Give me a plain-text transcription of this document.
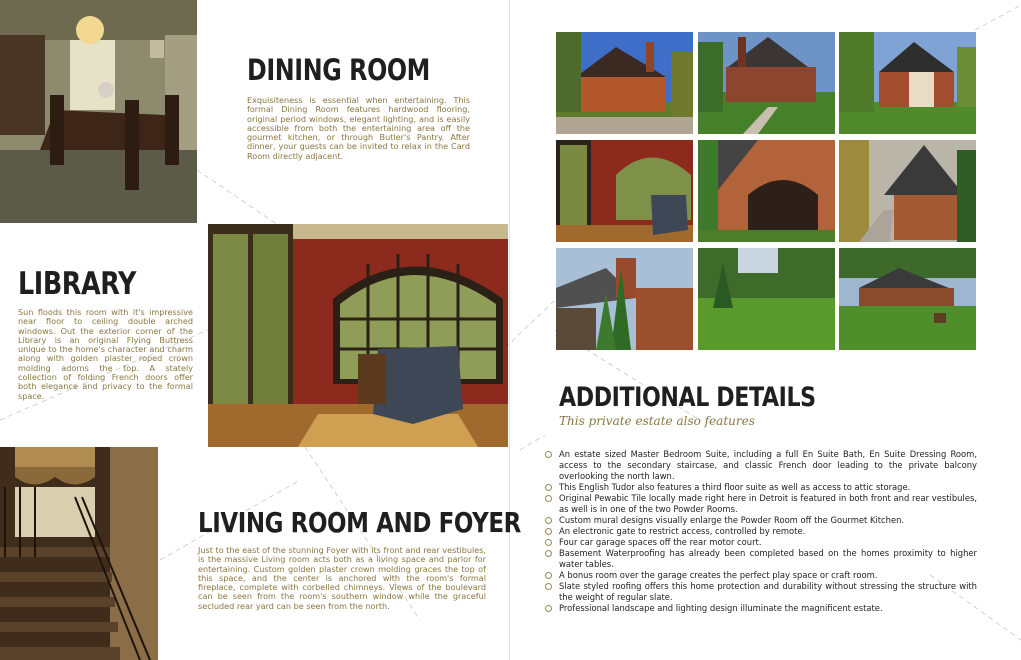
DINING ROOM

Exquisiteness is essential when entertaining. This formal Dining Room features hardwood flooring, original period windows, elegant lighting, and is easily accessible from both the entertaining area off the gourmet kitchen, or through Butler's Pantry. After dinner, your guests can be invited to relax in the Card Room directly adjacent.

LIBRARY

Sun floods this room with it's impressive near floor to ceiling double arched windows. Out the exterior corner of the Library is an original Flying Buttress unique to the home's character and charm along with golden plaster roped crown molding adorns the top. A stately collection of folding French doors offer both elegance and privacy to the formal space.

LIVING ROOM AND FOYER

Just to the east of the stunning Foyer with its front and rear vestibules, is the massive Living room acts both as a living space and parlor for entertaining. Custom golden plaster crown molding graces the top of this space, and the center is anchored with the room's formal fireplace, complete with corbelled chimneys. Views of the boulevard can be seen from the room's southern window while the graceful secluded rear yard can be seen from the north.

ADDITIONAL DETAILS
This private estate also features
An estate sized Master Bedroom Suite, including a full En Suite Bath, En Suite Dressing Room, access to the secondary staircase, and classic French door leading to the private balcony overlooking the north lawn.
This English Tudor also features a third floor suite as well as access to attic storage.
Original Pewabic Tile locally made right here in Detroit is featured in both front and rear vestibules, as well is in one of the two Powder Rooms.
Custom mural designs visually enlarge the Powder Room off the Gourmet Kitchen.
An electronic gate to restrict access, controlled by remote.
Four car garage spaces off the rear motor court.
Basement Waterproofing has already been completed based on the homes proximity to higher water tables.
A bonus room over the garage creates the perfect play space or craft room.
Slate styled roofing offers this home protection and durability without stressing the structure with the weight of regular slate.
Professional landscape and lighting design illuminate the magnificent estate.
